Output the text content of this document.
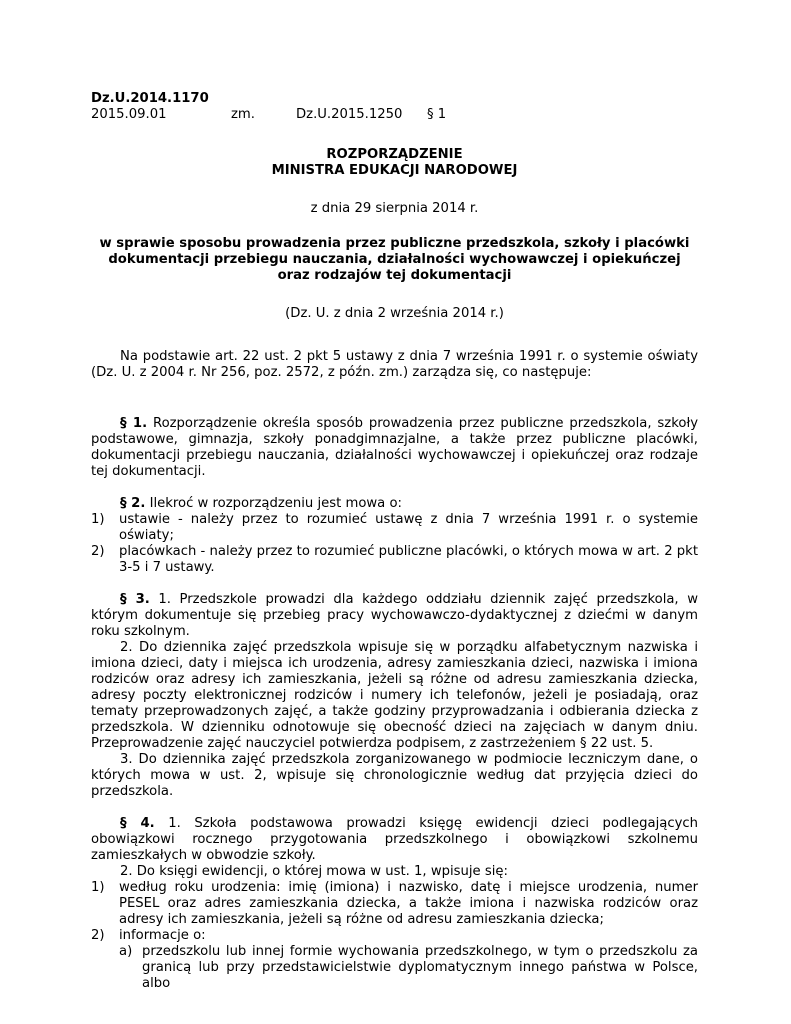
Dz.U.2014.1170
2015.09.01	zm.	Dz.U.2015.1250	§ 1
ROZPORZĄDZENIE
MINISTRA EDUKACJI NARODOWEJ
z dnia 29 sierpnia 2014 r.
w sprawie sposobu prowadzenia przez publiczne przedszkola, szkoły i placówki dokumentacji przebiegu nauczania, działalności wychowawczej i opiekuńczej oraz rodzajów tej dokumentacji
(Dz. U. z dnia 2 września 2014 r.)

Na podstawie art. 22 ust. 2 pkt 5 ustawy z dnia 7 września 1991 r. o systemie oświaty (Dz. U. z 2004 r. Nr 256, poz. 2572, z późn. zm.) zarządza się, co następuje:

§ 1. Rozporządzenie określa sposób prowadzenia przez publiczne przedszkola, szkoły podstawowe, gimnazja, szkoły ponadgimnazjalne, a także przez publiczne placówki, dokumentacji przebiegu nauczania, działalności wychowawczej i opiekuńczej oraz rodzaje tej dokumentacji.

§ 2. Ilekroć w rozporządzeniu jest mowa o:

1)	ustawie - należy przez to rozumieć ustawę z dnia 7 września 1991 r. o systemie oświaty;
2)	placówkach - należy przez to rozumieć publiczne placówki, o których mowa w art. 2 pkt 3-5 i 7 ustawy.

§ 3. 1. Przedszkole prowadzi dla każdego oddziału dziennik zajęć przedszkola, w którym dokumentuje się przebieg pracy wychowawczo-dydaktycznej z dziećmi w danym roku szkolnym.

2. Do dziennika zajęć przedszkola wpisuje się w porządku alfabetycznym nazwiska i imiona dzieci, daty i miejsca ich urodzenia, adresy zamieszkania dzieci, nazwiska i imiona rodziców oraz adresy ich zamieszkania, jeżeli są różne od adresu zamieszkania dziecka, adresy poczty elektronicznej rodziców i numery ich telefonów, jeżeli je posiadają, oraz tematy przeprowadzonych zajęć, a także godziny przyprowadzania i odbierania dziecka z przedszkola. W dzienniku odnotowuje się obecność dzieci na zajęciach w danym dniu. Przeprowadzenie zajęć nauczyciel potwierdza podpisem, z zastrzeżeniem § 22 ust. 5.

3. Do dziennika zajęć przedszkola zorganizowanego w podmiocie leczniczym dane, o których mowa w ust. 2, wpisuje się chronologicznie według dat przyjęcia dzieci do przedszkola.

§ 4. 1. Szkoła podstawowa prowadzi księgę ewidencji dzieci podlegających obowiązkowi rocznego przygotowania przedszkolnego i obowiązkowi szkolnemu zamieszkałych w obwodzie szkoły.

2. Do księgi ewidencji, o której mowa w ust. 1, wpisuje się:

1)	według roku urodzenia: imię (imiona) i nazwisko, datę i miejsce urodzenia, numer PESEL oraz adres zamieszkania dziecka, a także imiona i nazwiska rodziców oraz adresy ich zamieszkania, jeżeli są różne od adresu zamieszkania dziecka;
2)	informacje o:
a) przedszkolu lub innej formie wychowania przedszkolnego, w tym o przedszkolu za granicą lub przy przedstawicielstwie dyplomatycznym innego państwa w Polsce, albo
